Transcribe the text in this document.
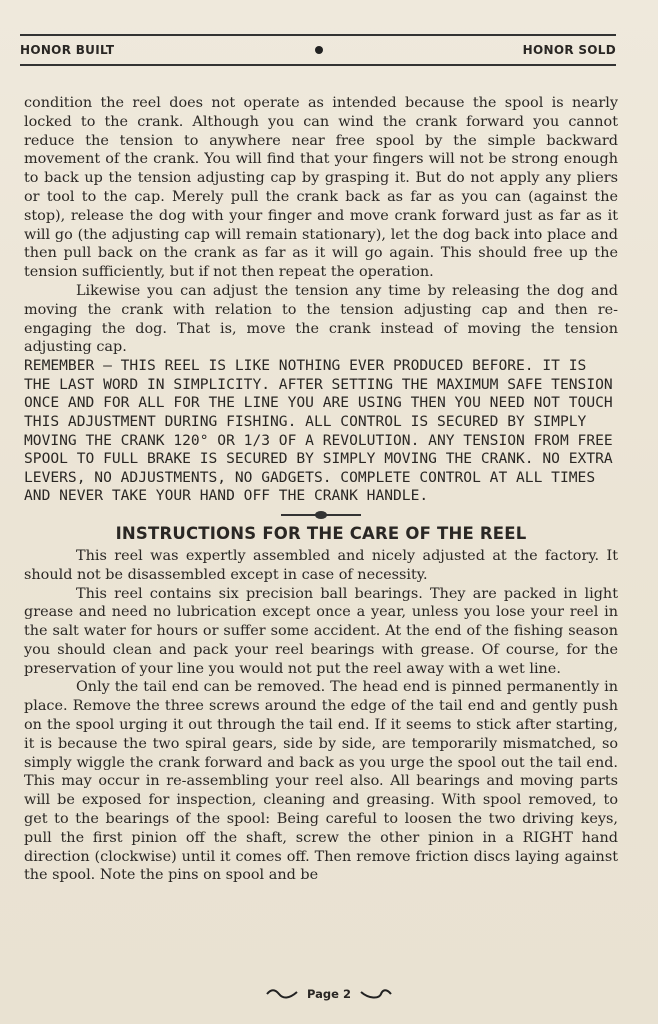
HONOR BUILT	HONOR SOLD

condition the reel does not operate as intended because the spool is nearly locked to the crank. Although you can wind the crank forward you cannot reduce the tension to anywhere near free spool by the simple backward movement of the crank. You will find that your fingers will not be strong enough to back up the tension adjusting cap by grasping it. But do not apply any pliers or tool to the cap. Merely pull the crank back as far as you can (against the stop), release the dog with your finger and move crank forward just as far as it will go (the adjusting cap will remain stationary), let the dog back into place and then pull back on the crank as far as it will go again. This should free up the tension sufficiently, but if not then repeat the operation.

Likewise you can adjust the tension any time by releasing the dog and moving the crank with relation to the tension adjusting cap and then re-engaging the dog. That is, move the crank instead of moving the tension adjusting cap.

REMEMBER – THIS REEL IS LIKE NOTHING EVER PRODUCED BEFORE. IT IS THE LAST WORD IN SIMPLICITY. AFTER SETTING THE MAXIMUM SAFE TENSION ONCE AND FOR ALL FOR THE LINE YOU ARE USING THEN YOU NEED NOT TOUCH THIS ADJUSTMENT DURING FISHING. ALL CONTROL IS SECURED BY SIMPLY MOVING THE CRANK 120° OR 1/3 OF A REVOLUTION. ANY TENSION FROM FREE SPOOL TO FULL BRAKE IS SECURED BY SIMPLY MOVING THE CRANK. NO EXTRA LEVERS, NO ADJUSTMENTS, NO GADGETS. COMPLETE CONTROL AT ALL TIMES AND NEVER TAKE YOUR HAND OFF THE CRANK HANDLE.

INSTRUCTIONS FOR THE CARE OF THE REEL

This reel was expertly assembled and nicely adjusted at the factory. It should not be disassembled except in case of necessity.

This reel contains six precision ball bearings. They are packed in light grease and need no lubrication except once a year, unless you lose your reel in the salt water for hours or suffer some accident. At the end of the fishing season you should clean and pack your reel bearings with grease. Of course, for the preservation of your line you would not put the reel away with a wet line.

Only the tail end can be removed. The head end is pinned permanently in place. Remove the three screws around the edge of the tail end and gently push on the spool urging it out through the tail end. If it seems to stick after starting, it is because the two spiral gears, side by side, are temporarily mismatched, so simply wiggle the crank forward and back as you urge the spool out the tail end. This may occur in re-assembling your reel also. All bearings and moving parts will be exposed for inspection, cleaning and greasing. With spool removed, to get to the bearings of the spool: Being careful to loosen the two driving keys, pull the first pinion off the shaft, screw the other pinion in a RIGHT hand direction (clockwise) until it comes off. Then remove friction discs laying against the spool. Note the pins on spool and be

Page 2
